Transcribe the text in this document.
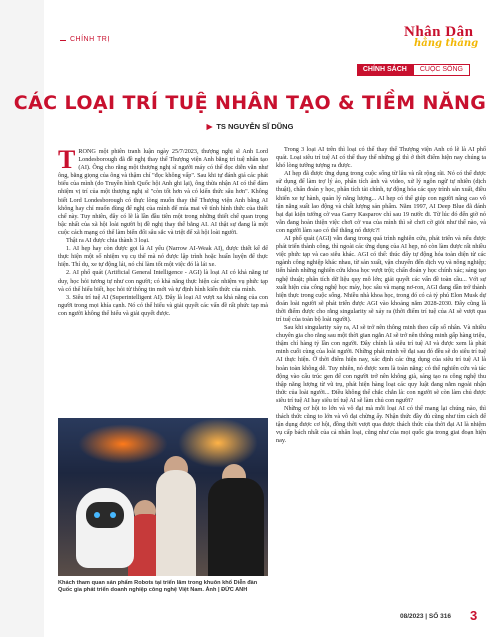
CHÍNH TRỊ	Nhân Dân
hằng tháng
CHÍNH SÁCH	CUỘC SỐNG
CÁC LOẠI TRÍ TUỆ NHÂN TẠO & TIỀM NĂNG
▶ TS NGUYỄN SĨ DŨNG

TRONG một phiên tranh luận ngày 25/7/2023, thượng nghị sĩ Anh Lord Londesborough đã đề nghị thay thế Thượng viện Anh bằng trí tuệ nhân tạo (AI). Ông cho rằng một thượng nghị sĩ người máy có thể đọc diễn văn như ông, bằng giọng của ông và thậm chí "đọc không vấp". Sau khi tự đánh giá các phát biểu của mình (do Truyền hình Quốc hội Anh ghi lại), ông thừa nhận AI có thể đảm nhiệm vị trí của một thượng nghị sĩ "còn tốt hơn và có kiến thức sâu hơn". Không biết Lord Londesborough có thực lòng muốn thay thế Thượng viện Anh bằng AI không hay chỉ muốn đùng để nghị của mình để mía mai về tính hình thức của thiết chế này. Tuy nhiên, đây có lẽ là lần đầu tiên một trong những thiết chế quan trọng bậc nhất của xã hội loài người bị đề nghị thay thế bằng AI. AI thật sự đang là một cuộc cách mạng có thể làm biến đổi sâu sắc và triệt để xã hội loài người.

Thật ra AI được chia thành 3 loại.

1. AI hẹp hay còn được gọi là AI yếu (Narrow AI-Weak AI), được thiết kế để thực hiện một số nhiệm vụ cụ thể mà nó được lập trình hoặc huấn luyện để thực hiện. Thí dụ, xe tự động lái, nó chỉ làm tốt một việc đó là lái xe.

2. AI phổ quát (Artificial General Intelligence - AGI) là loại AI có khả năng tư duy, học hỏi tương tự như con người; có khả năng thực hiện các nhiệm vụ phức tạp và có thể hiểu biết, học hỏi từ thông tin mới và tự định hình kiến thức của mình.

3. Siêu trí tuệ AI (Superintelligent AI). Đây là loại AI vượt xa khả năng của con người trong mọi khía cạnh. Nó có thể hiểu và giải quyết các vấn đề rất phức tạp mà con người không thể hiểu và giải quyết được.

Khách tham quan sản phẩm Robots tại triển lãm trong khuôn khổ Diễn đàn Quốc gia phát triển doanh nghiệp công nghệ Việt Nam. Ảnh | ĐỨC ANH

Trong 3 loại AI trên thì loại có thể thay thế Thượng viện Anh có lẽ là AI phổ quát. Loại siêu trí tuệ AI có thể thay thế những gì thì ở thời điểm hiện nay chúng ta khó lòng tưởng tượng ra được.

AI hẹp đã được ứng dụng trong cuộc sống từ lâu và rất rộng rãi. Nó có thể được sử dụng để làm trợ lý ảo, phân tích ảnh và video, xử lý ngôn ngữ tự nhiên (dịch thuật), chẩn đoán y học, phân tích tài chính, tự động hóa các quy trình sản xuất, điều khiển xe tự hành, quản lý năng lượng... AI hẹp có thể giúp con người nâng cao vô tận năng suất lao động và chất lượng sản phẩm. Năm 1997, AI Deep Blue đã đánh bại đại kiện tướng cờ vua Garry Kasparov chỉ sau 19 nước đi. Từ lúc đó đến giờ nó vẫn đang hoàn thiện việc chơi cờ vua của mình thì sẽ chơi cờ giỏi như thế nào, và con người làm sao có thể thắng nó được?!

AI phổ quát (AGI) vẫn đang trong quá trình nghiên cứu, phát triển và nếu được phát triển thành công, thì ngoài các ứng dụng của AI hẹp, nó còn làm được rất nhiều việc phức tạp và cao siêu khác. AGI có thể: thúc đẩy tự động hóa toàn diện từ các ngành công nghiệp khác nhau, từ sản xuất, vận chuyển đến dịch vụ và nông nghiệp; tiến hành những nghiên cứu khoa học vượt trội; chẩn đoán y học chính xác; sáng tạo nghệ thuật; phân tích dữ liệu quy mô lớn; giải quyết các vấn đề toàn cầu... Với sự xuất hiện của công nghệ học máy, học sâu và mạng nơ-ron, AGI đang dần trở thành hiện thực trong cuộc sống. Nhiều nhà khoa học, trong đó có cả tỷ phú Elon Musk dự đoán loài người sẽ phát triển được AGI vào khoảng năm 2028-2030. Đây cũng là thời điểm được cho rằng singularity sẽ xảy ra (thời điểm trí tuệ của AI sẽ vượt qua trí tuệ của toàn bộ loài người).

Sau khi singularity xảy ra, AI sẽ trở nên thông minh theo cấp số nhân. Và nhiều chuyên gia cho rằng sau một thời gian ngắn AI sẽ trở nên thông minh gấp hàng triệu, thậm chí hàng tỷ lần con người. Đây chính là siêu trí tuệ AI và được xem là phát minh cuối cùng của loài người. Những phát minh về đại sau đó đều sẽ do siêu trí tuệ AI thực hiện. Ở thời điểm hiện nay, xác định các ứng dụng của siêu trí tuệ AI là hoàn toàn không dễ. Tuy nhiên, nó được xem là toàn năng: có thể nghiên cứu và tác động vào cấu trúc gen để con người trở nên không già, sáng tạo ra công nghệ thu thập năng lượng từ vũ trụ, phát hiện hàng loạt các quy luật đang nằm ngoài nhận thức của loài người... Điều không thể chắc chắn là: con người sẽ còn làm chủ được siêu trí tuệ AI hay siêu trí tuệ AI sẽ làm chủ con người?

Những cơ hội to lớn và vô đại mà mỗi loại AI có thể mang lại chúng nào, thì thách thức cũng to lớn và vô đại chừng ấy. Nhận thức đầy đủ cũng như tìm cách để tận dụng được cơ hội, đồng thời vượt qua được thách thức của thời đại AI là nhiệm vụ cấp bách nhất của cả nhân loại, cũng như của mọi quốc gia trong giai đoạn hiện nay.

08/2023 | SỐ 316 3
